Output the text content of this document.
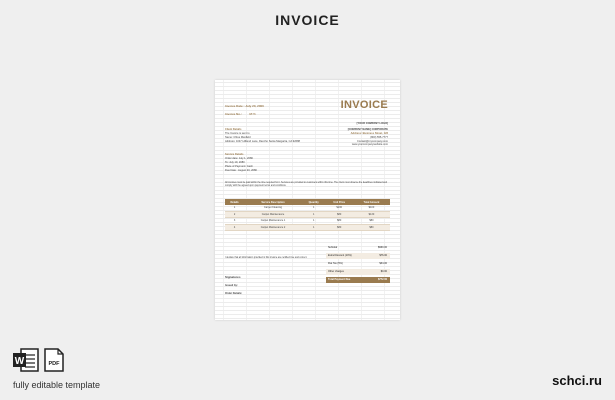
INVOICE
Invoice Date : July 20, 2000
Invoice No.: 9876
INVOICE
[YOUR COMPANY LOGO]
Client Details
The Invoice is sent to
Name: Chloe Maxfield
Address: 1047 Hilltend Lane, Rancho Santa Margarita, CA 92688
[COMPANY NAME] CORPORATE
Address: Business Street, 123
(800) 555-7777
Contact@mycompany.com
www.yourcompanywebsite.com
Service Details
Order date: July 1, 2080
To: July 19, 2080
Place of Payment: Cash
Due Date : August 20, 2080
All invoices must be paid within the time required for it. Services are provided to customers within this time. The client must observe the deadlines indicated and comply with the agreed upon payment terms and conditions.
Details	Service Description	Quantity	Unit Price	Total Amount
1	Carpet Cleaning	1	$100	$100
2	Carpet Maintenance	1	$80	$130
3	Carpet Maintenance 1	1	$80	$80
4	Carpet Maintenance 2	1	$80	$80
Subtotal	$960.00
Extra Discount (10%)	$76.00
Flat Tax (5%)	$34.00
Other charges	$0.00
Total Payment Due	$772.00
I declare that all information provided in this invoice are certified true and correct.
Signatures
Issued by:
Order Details:
W	PDF
fully editable template	schci.ru
